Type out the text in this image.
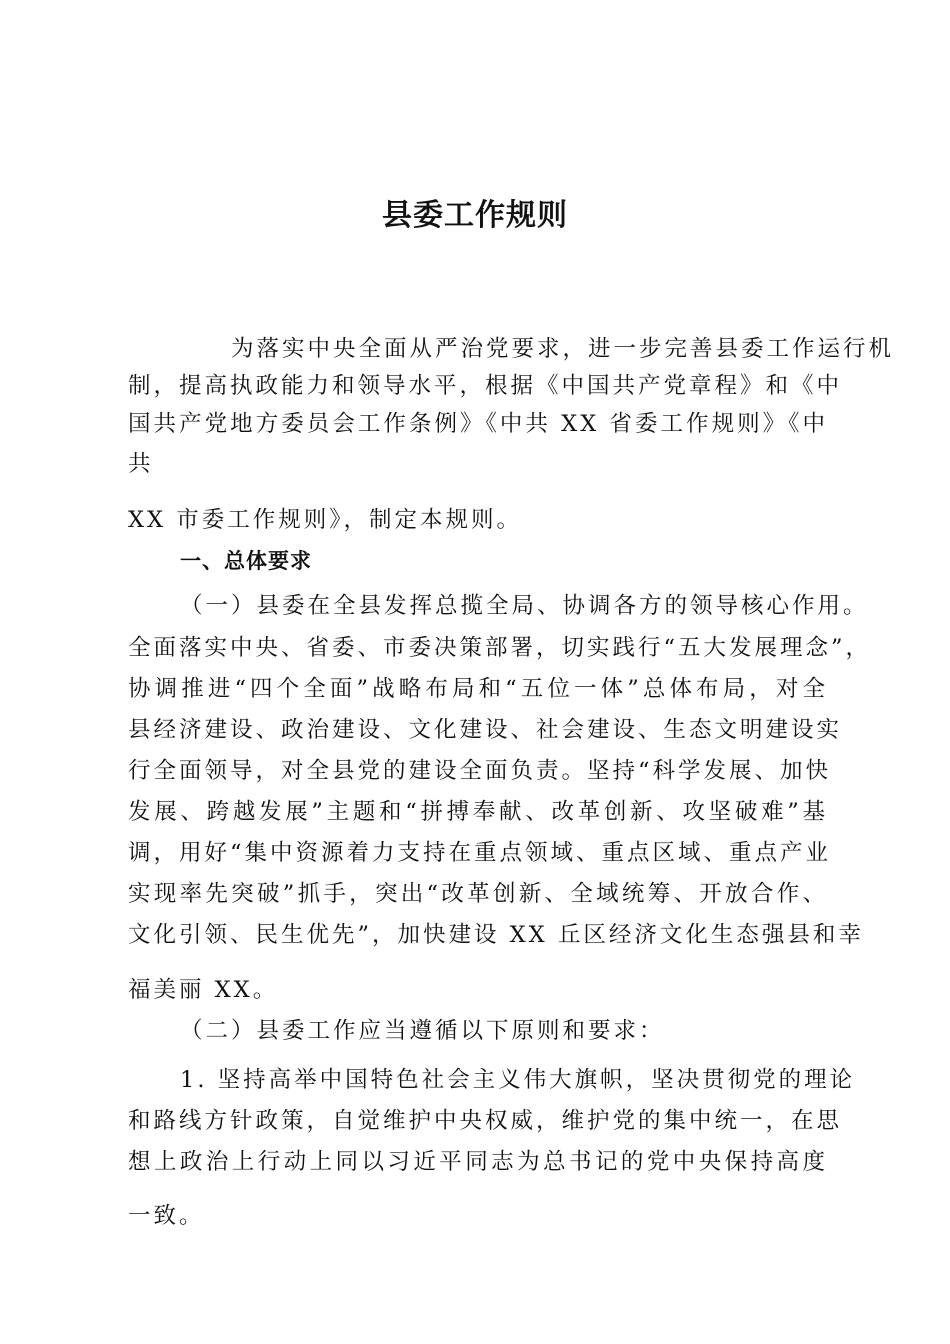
县委工作规则
　　为落实中央全面从严治党要求，进一步完善县委工作运行机
制，提高执政能力和领导水平，根据《中国共产党章程》和《中
国共产党地方委员会工作条例》《中共 XX 省委工作规则》《中
共
XX 市委工作规则》，制定本规则。
一、总体要求
（一）县委在全县发挥总揽全局、协调各方的领导核心作用。
全面落实中央、省委、市委决策部署，切实践行“五大发展理念”，
协调推进“四个全面”战略布局和“五位一体”总体布局，对全
县经济建设、政治建设、文化建设、社会建设、生态文明建设实
行全面领导，对全县党的建设全面负责。坚持“科学发展、加快
发展、跨越发展”主题和“拼搏奉献、改革创新、攻坚破难”基
调，用好“集中资源着力支持在重点领域、重点区域、重点产业
实现率先突破”抓手，突出“改革创新、全域统筹、开放合作、
文化引领、民生优先”，加快建设 XX 丘区经济文化生态强县和幸
福美丽 XX。
（二）县委工作应当遵循以下原则和要求：
1. 坚持高举中国特色社会主义伟大旗帜，坚决贯彻党的理论
和路线方针政策，自觉维护中央权威，维护党的集中统一，在思
想上政治上行动上同以习近平同志为总书记的党中央保持高度
一致。
